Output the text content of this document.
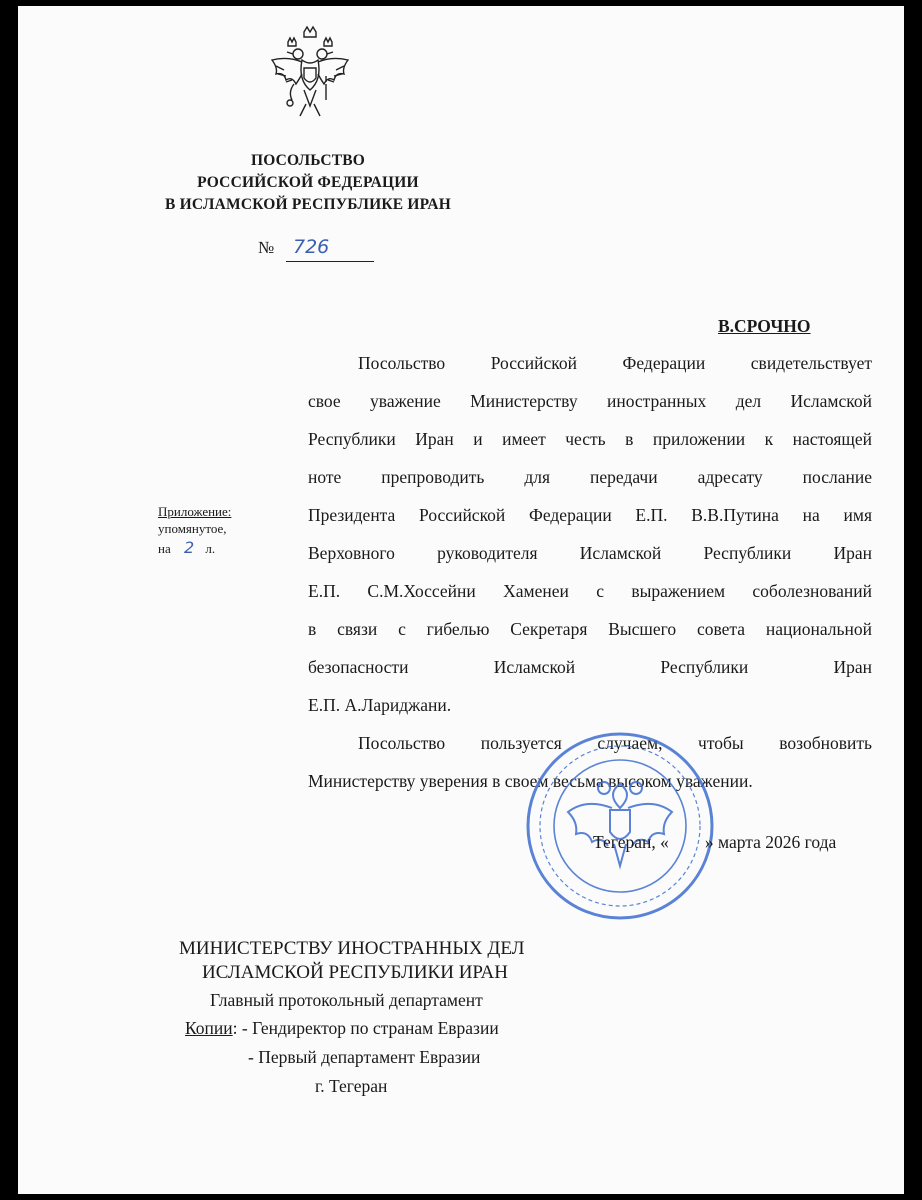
ПОСОЛЬСТВО
РОССИЙСКОЙ ФЕДЕРАЦИИ
В ИСЛАМСКОЙ РЕСПУБЛИКЕ ИРАН
№ 726
В.СРОЧНО
Посольство Российской Федерации свидетельствует
свое уважение Министерству иностранных дел Исламской
Республики Иран и имеет честь в приложении к настоящей
ноте препроводить для передачи адресату послание
Президента Российской Федерации Е.П. В.В.Путина на имя
Верховного руководителя Исламской Республики Иран
Е.П. С.М.Хоссейни Хаменеи с выражением соболезнований
в связи с гибелью Секретаря Высшего совета национальной
безопасности Исламской Республики Иран
Е.П. А.Лариджани.
Посольство пользуется случаем, чтобы возобновить
Министерству уверения в своем весьма высоком уважении.
Приложение:
упомянутое,
на 2 л.
Тегеран, « » марта 2026 года
МИНИСТЕРСТВУ ИНОСТРАННЫХ ДЕЛ
ИСЛАМСКОЙ РЕСПУБЛИКИ ИРАН
Главный протокольный департамент
Копии: - Гендиректор по странам Евразии
- Первый департамент Евразии
г. Тегеран
